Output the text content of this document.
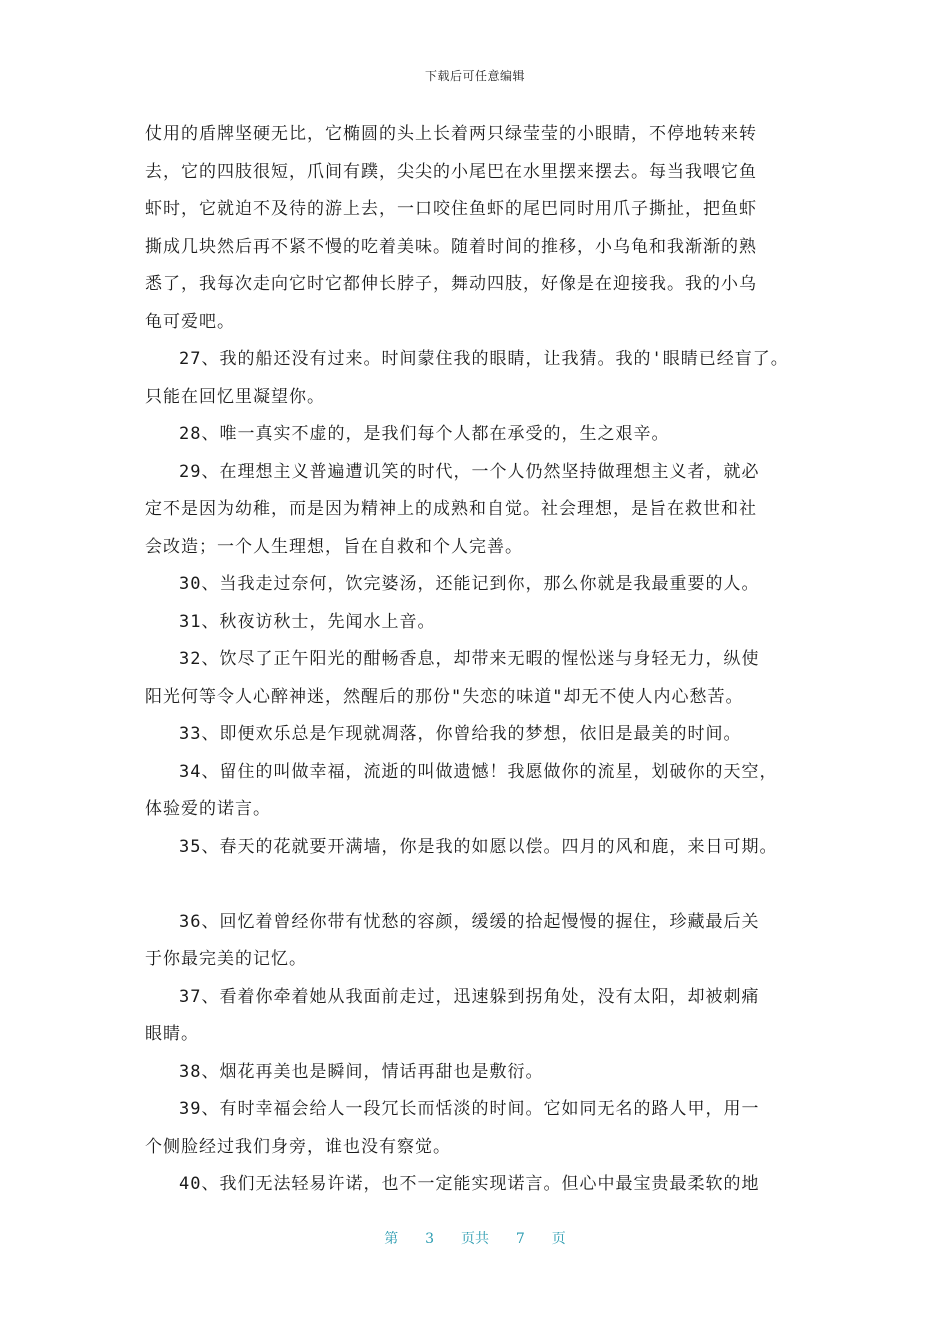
下载后可任意编辑
仗用的盾牌坚硬无比，它椭圆的头上长着两只绿莹莹的小眼睛，不停地转来转
去，它的四肢很短，爪间有蹼，尖尖的小尾巴在水里摆来摆去。每当我喂它鱼
虾时，它就迫不及待的游上去，一口咬住鱼虾的尾巴同时用爪子撕扯，把鱼虾
撕成几块然后再不紧不慢的吃着美味。随着时间的推移，小乌龟和我渐渐的熟
悉了，我每次走向它时它都伸长脖子，舞动四肢，好像是在迎接我。我的小乌
龟可爱吧。
27、我的船还没有过来。时间蒙住我的眼睛，让我猜。我的'眼睛已经盲了。
只能在回忆里凝望你。
28、唯一真实不虚的，是我们每个人都在承受的，生之艰辛。
29、在理想主义普遍遭讥笑的时代，一个人仍然坚持做理想主义者，就必
定不是因为幼稚，而是因为精神上的成熟和自觉。社会理想，是旨在救世和社
会改造；一个人生理想，旨在自救和个人完善。
30、当我走过奈何，饮完婆汤，还能记到你，那么你就是我最重要的人。
31、秋夜访秋士，先闻水上音。
32、饮尽了正午阳光的酣畅香息，却带来无暇的惺忪迷与身轻无力，纵使
阳光何等令人心醉神迷，然醒后的那份"失恋的味道"却无不使人内心愁苦。
33、即便欢乐总是乍现就凋落，你曾给我的梦想，依旧是最美的时间。
34、留住的叫做幸福，流逝的叫做遗憾！我愿做你的流星，划破你的天空，
体验爱的诺言。
35、春天的花就要开满墙，你是我的如愿以偿。四月的风和鹿，来日可期。
36、回忆着曾经你带有忧愁的容颜，缓缓的拾起慢慢的握住，珍藏最后关
于你最完美的记忆。
37、看着你牵着她从我面前走过，迅速躲到拐角处，没有太阳，却被刺痛
眼睛。
38、烟花再美也是瞬间，情话再甜也是敷衍。
39、有时幸福会给人一段冗长而恬淡的时间。它如同无名的路人甲，用一
个侧脸经过我们身旁，谁也没有察觉。
40、我们无法轻易许诺，也不一定能实现诺言。但心中最宝贵最柔软的地
第 3 页共 7 页
